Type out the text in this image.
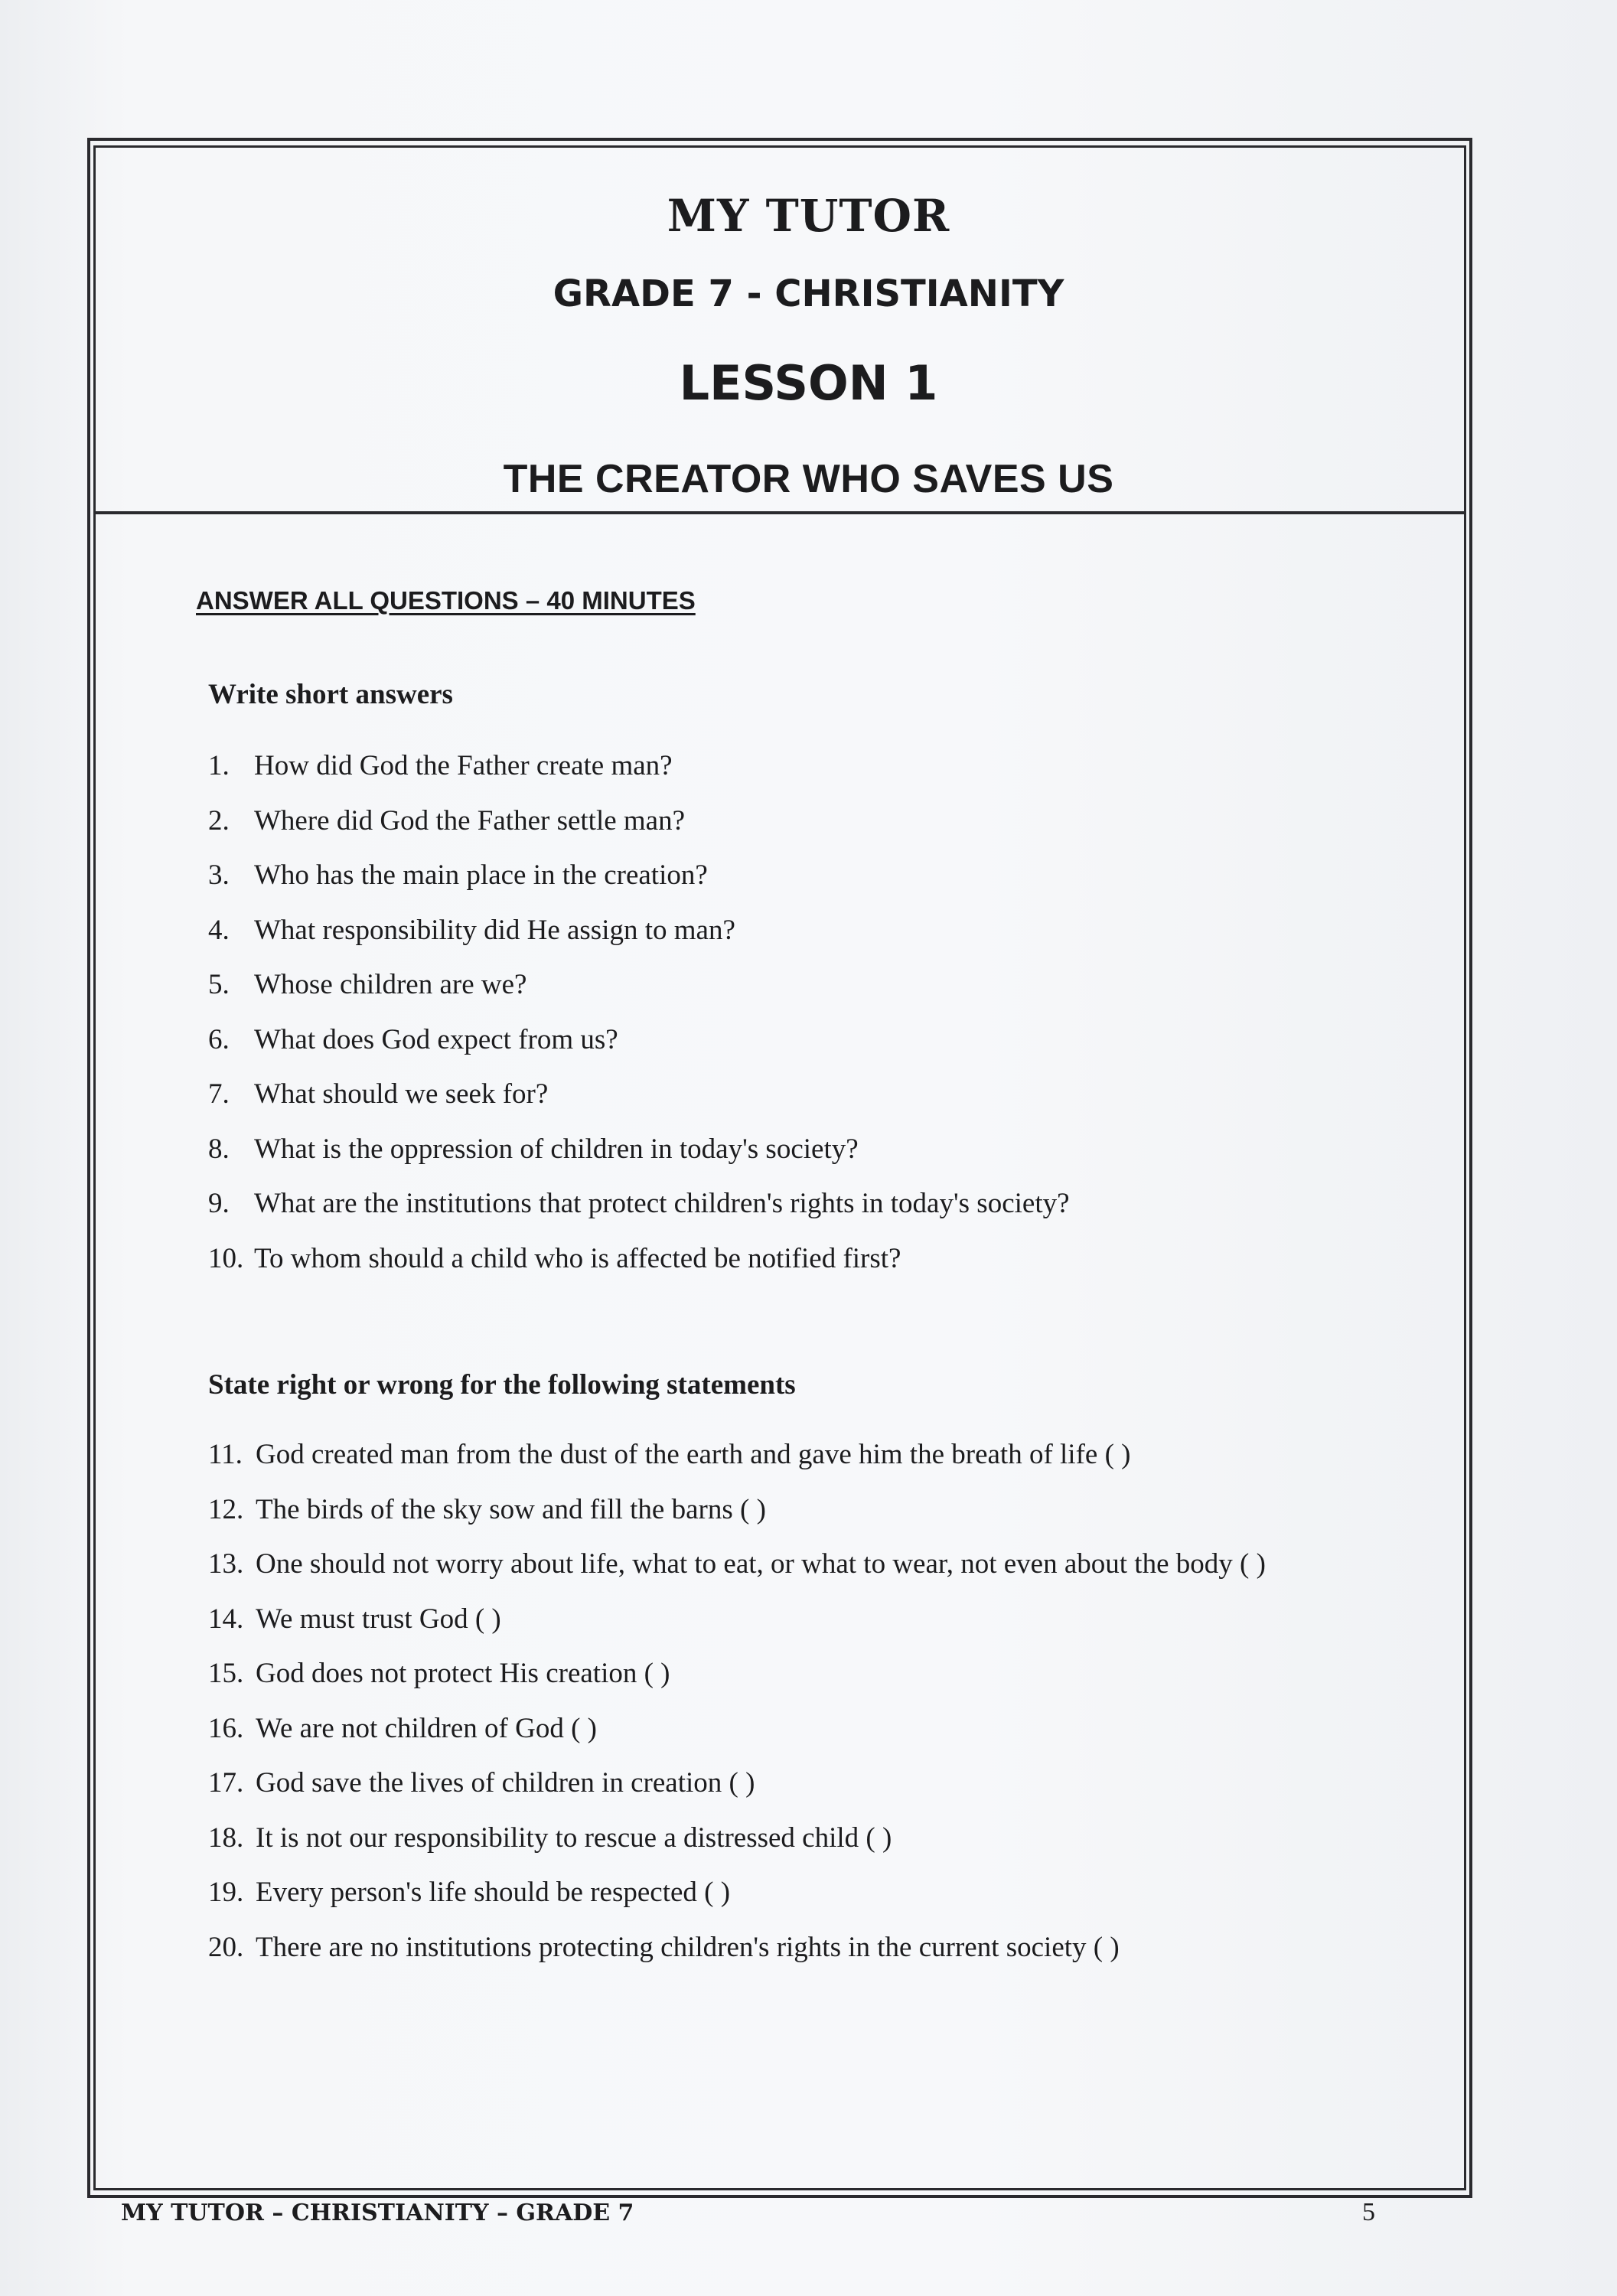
MY TUTOR
GRADE 7 - CHRISTIANITY
LESSON 1
THE CREATOR WHO SAVES US
ANSWER ALL QUESTIONS – 40 MINUTES
Write short answers
1. How did God the Father create man?
2. Where did God the Father settle man?
3. Who has the main place in the creation?
4. What responsibility did He assign to man?
5. Whose children are we?
6. What does God expect from us?
7. What should we seek for?
8. What is the oppression of children in today's society?
9. What are the institutions that protect children's rights in today's society?
10. To whom should a child who is affected be notified first?
State right or wrong for the following statements
11. God created man from the dust of the earth and gave him the breath of life ( )
12. The birds of the sky sow and fill the barns ( )
13. One should not worry about life, what to eat, or what to wear, not even about the body ( )
14. We must trust God ( )
15. God does not protect His creation ( )
16. We are not children of God ( )
17. God save the lives of children in creation ( )
18. It is not our responsibility to rescue a distressed child ( )
19. Every person's life should be respected ( )
20. There are no institutions protecting children's rights in the current society ( )
MY TUTOR – CHRISTIANITY – GRADE 7	5
